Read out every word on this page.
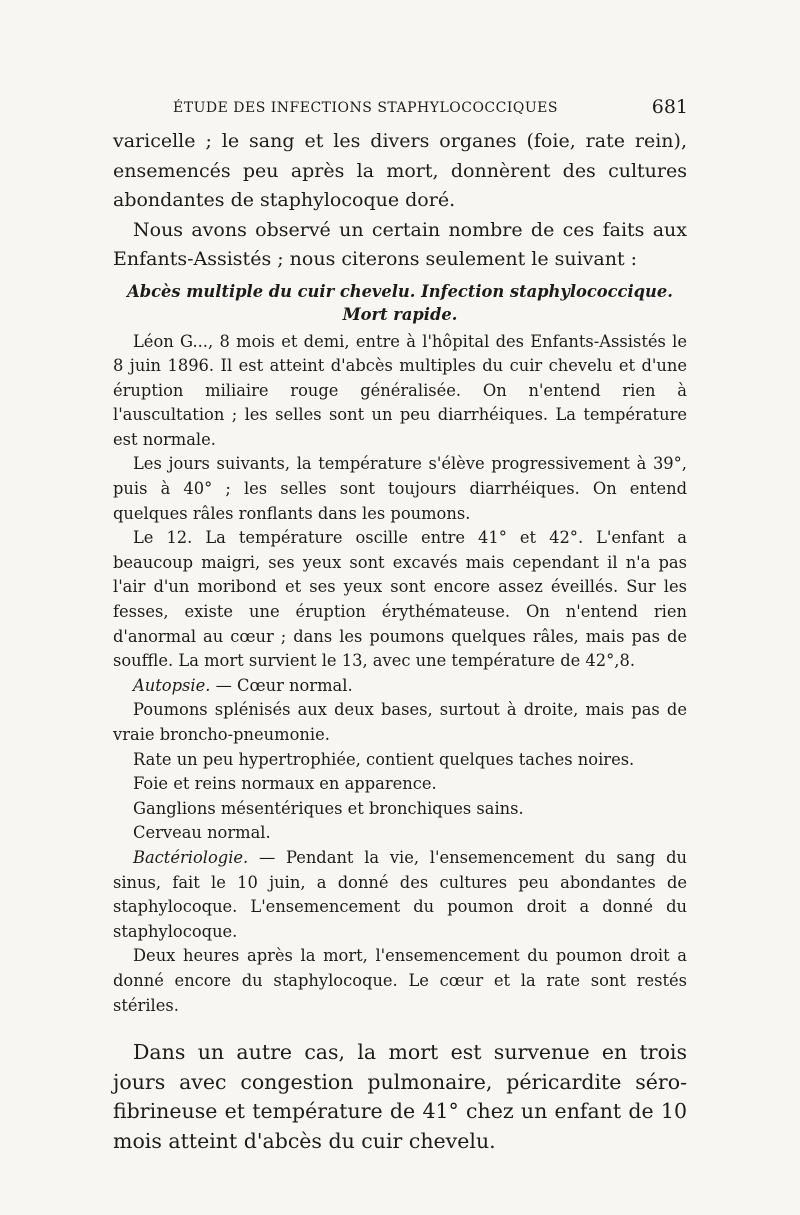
ÉTUDE DES INFECTIONS STAPHYLOCOCCIQUES	681

varicelle ; le sang et les divers organes (foie, rate rein), ensemencés peu après la mort, donnèrent des cultures abondantes de staphylocoque doré.

Nous avons observé un certain nombre de ces faits aux Enfants-Assistés ; nous citerons seulement le suivant :

Abcès multiple du cuir chevelu. Infection staphylococcique.
Mort rapide.

Léon G..., 8 mois et demi, entre à l'hôpital des Enfants-Assistés le 8 juin 1896. Il est atteint d'abcès multiples du cuir chevelu et d'une éruption miliaire rouge généralisée. On n'entend rien à l'auscultation ; les selles sont un peu diarrhéiques. La température est normale.

Les jours suivants, la température s'élève progressivement à 39°, puis à 40° ; les selles sont toujours diarrhéiques. On entend quelques râles ronflants dans les poumons.

Le 12. La température oscille entre 41° et 42°. L'enfant a beaucoup maigri, ses yeux sont excavés mais cependant il n'a pas l'air d'un moribond et ses yeux sont encore assez éveillés. Sur les fesses, existe une éruption érythémateuse. On n'entend rien d'anormal au cœur ; dans les poumons quelques râles, mais pas de souffle. La mort survient le 13, avec une température de 42°,8.

Autopsie. — Cœur normal.

Poumons splénisés aux deux bases, surtout à droite, mais pas de vraie broncho-pneumonie.

Rate un peu hypertrophiée, contient quelques taches noires.

Foie et reins normaux en apparence.

Ganglions mésentériques et bronchiques sains.

Cerveau normal.

Bactériologie. — Pendant la vie, l'ensemencement du sang du sinus, fait le 10 juin, a donné des cultures peu abondantes de staphylocoque. L'ensemencement du poumon droit a donné du staphylocoque.

Deux heures après la mort, l'ensemencement du poumon droit a donné encore du staphylocoque. Le cœur et la rate sont restés stériles.

Dans un autre cas, la mort est survenue en trois jours avec congestion pulmonaire, péricardite séro-fibrineuse et température de 41° chez un enfant de 10 mois atteint d'abcès du cuir chevelu.
